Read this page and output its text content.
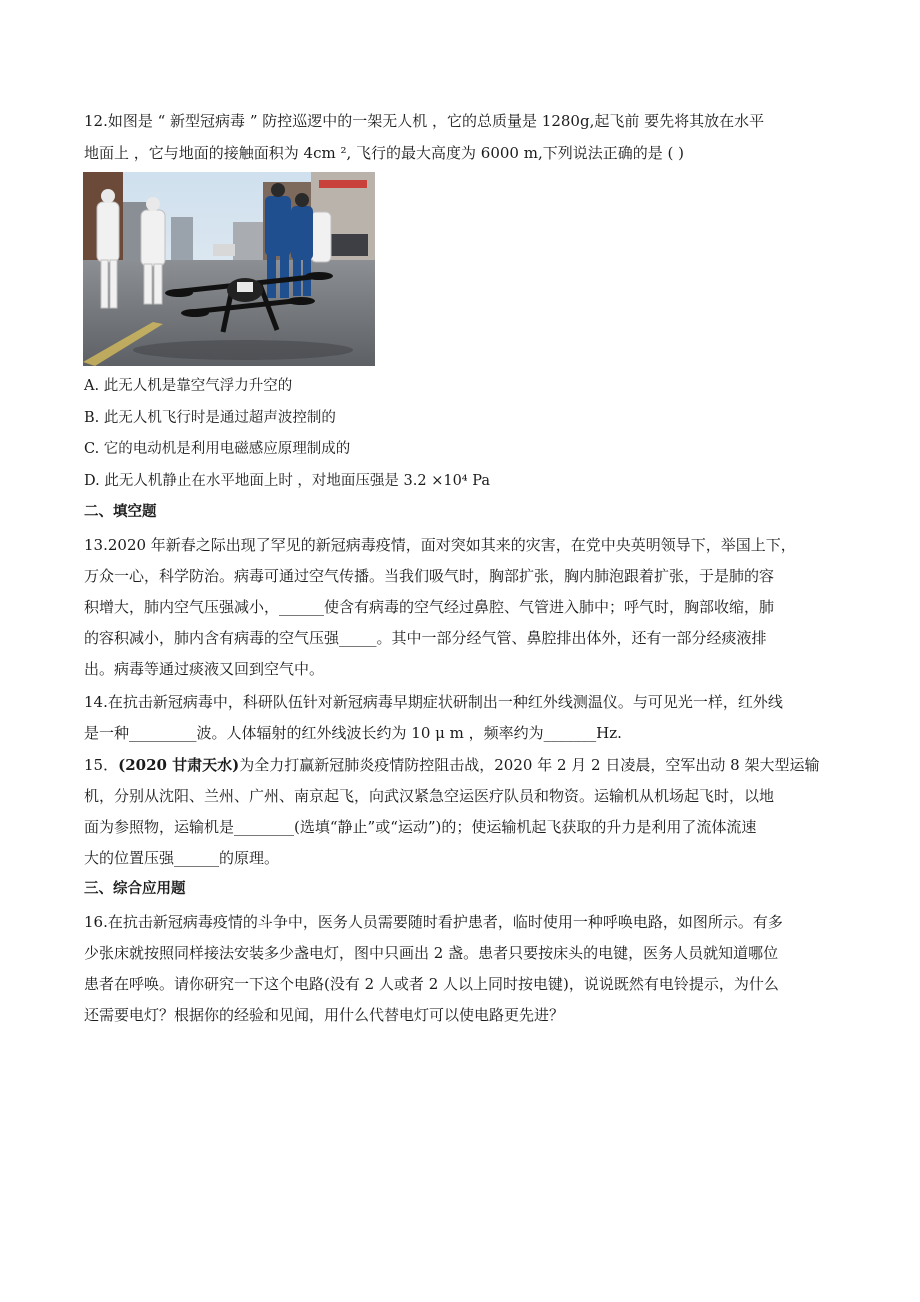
12.如图是 “ 新型冠病毒 ” 防控巡逻中的一架无人机 ，它的总质量是 1280g,起飞前 要先将其放在水平
地面上 ，它与地面的接触面积为 4cm ², 飞行的最大高度为 6000 m,下列说法正确的是 ( )
A. 此无人机是靠空气浮力升空的
B. 此无人机飞行时是通过超声波控制的
C. 它的电动机是利用电磁感应原理制成的
D. 此无人机静止在水平地面上时 ，对地面压强是 3.2 ×10⁴ Pa
二、填空题
13.2020 年新春之际出现了罕见的新冠病毒疫情，面对突如其来的灾害，在党中央英明领导下，举国上下，
万众一心，科学防治。病毒可通过空气传播。当我们吸气时，胸部扩张，胸内肺泡跟着扩张，于是肺的容
积增大，肺内空气压强减小，______使含有病毒的空气经过鼻腔、气管进入肺中；呼气时，胸部收缩，肺
的容积减小，肺内含有病毒的空气压强_____。其中一部分经气管、鼻腔排出体外，还有一部分经痰液排
出。病毒等通过痰液又回到空气中。
14.在抗击新冠病毒中，科研队伍针对新冠病毒早期症状研制出一种红外线测温仪。与可见光一样，红外线
是一种_________波。人体辐射的红外线波长约为 10 μ m ，频率约为_______Hz.
15．(2020 甘肃天水)为全力打赢新冠肺炎疫情防控阻击战，2020 年 2 月 2 日凌晨，空军出动 8 架大型运输
机，分别从沈阳、兰州、广州、南京起飞，向武汉紧急空运医疗队员和物资。运输机从机场起飞时，以地
面为参照物，运输机是________(选填“静止”或“运动”)的；使运输机起飞获取的升力是利用了流体流速
大的位置压强______的原理。
三、综合应用题
16.在抗击新冠病毒疫情的斗争中，医务人员需要随时看护患者，临时使用一种呼唤电路，如图所示。有多
少张床就按照同样接法安装多少盏电灯，图中只画出 2 盏。患者只要按床头的电键，医务人员就知道哪位
患者在呼唤。请你研究一下这个电路(没有 2 人或者 2 人以上同时按电键)，说说既然有电铃提示，为什么
还需要电灯？根据你的经验和见闻，用什么代替电灯可以使电路更先进？
